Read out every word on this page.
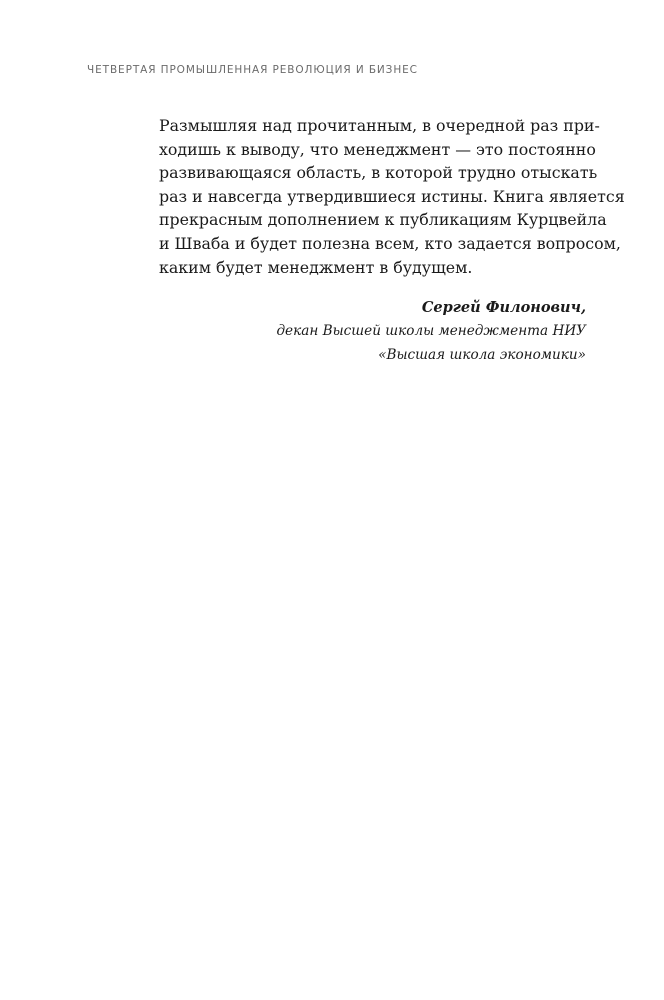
ЧЕТВЕРТАЯ ПРОМЫШЛЕННАЯ РЕВОЛЮЦИЯ И БИЗНЕС
Размышляя над прочитанным, в очередной раз при-
ходишь к выводу, что менеджмент — это постоянно
развивающаяся область, в которой трудно отыскать
раз и навсегда утвердившиеся истины. Книга является
прекрасным дополнением к публикациям Курцвейла
и Шваба и будет полезна всем, кто задается вопросом,
каким будет менеджмент в будущем.
Сергей Филонович,
декан Высшей школы менеджмента НИУ
«Высшая школа экономики»
